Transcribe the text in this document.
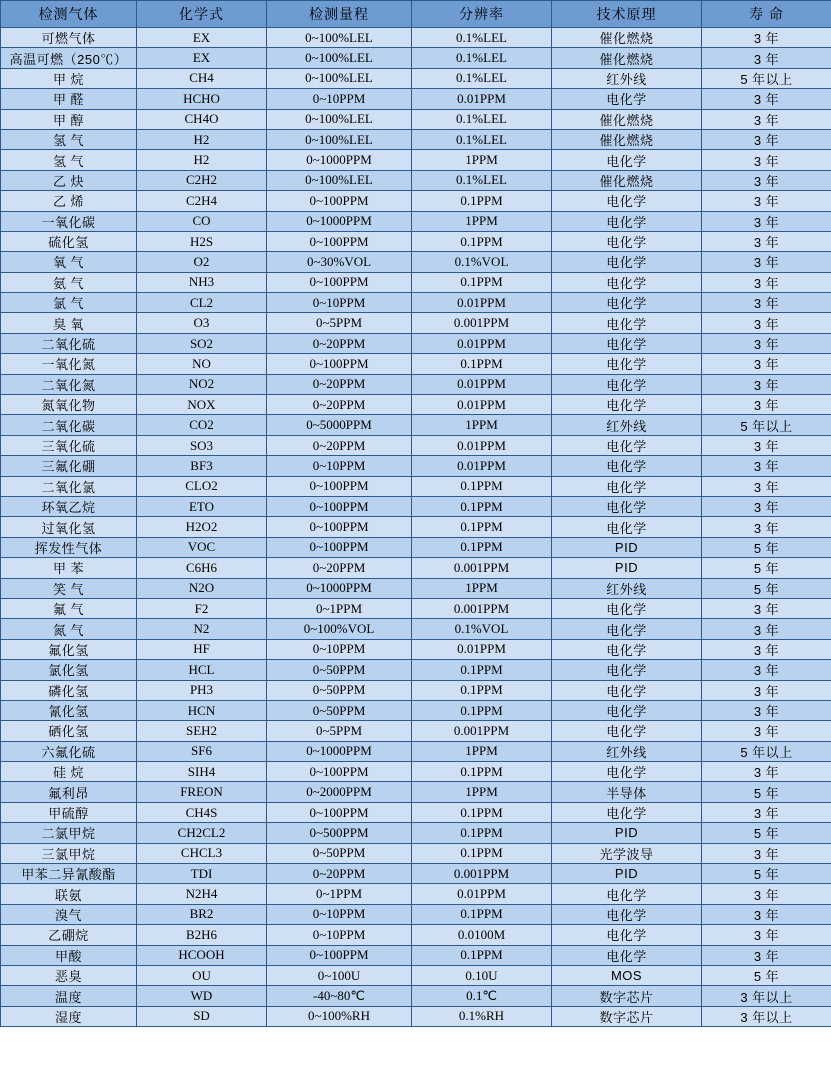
检测气体	化学式	检测量程	分辨率	技术原理	寿 命
可燃气体	EX	0~100%LEL	0.1%LEL	催化燃烧	3 年
高温可燃（250℃）	EX	0~100%LEL	0.1%LEL	催化燃烧	3 年
甲 烷	CH4	0~100%LEL	0.1%LEL	红外线	5 年以上
甲 醛	HCHO	0~10PPM	0.01PPM	电化学	3 年
甲 醇	CH4O	0~100%LEL	0.1%LEL	催化燃烧	3 年
氢 气	H2	0~100%LEL	0.1%LEL	催化燃烧	3 年
氢 气	H2	0~1000PPM	1PPM	电化学	3 年
乙 炔	C2H2	0~100%LEL	0.1%LEL	催化燃烧	3 年
乙 烯	C2H4	0~100PPM	0.1PPM	电化学	3 年
一氧化碳	CO	0~1000PPM	1PPM	电化学	3 年
硫化氢	H2S	0~100PPM	0.1PPM	电化学	3 年
氧 气	O2	0~30%VOL	0.1%VOL	电化学	3 年
氨 气	NH3	0~100PPM	0.1PPM	电化学	3 年
氯 气	CL2	0~10PPM	0.01PPM	电化学	3 年
臭 氧	O3	0~5PPM	0.001PPM	电化学	3 年
二氧化硫	SO2	0~20PPM	0.01PPM	电化学	3 年
一氧化氮	NO	0~100PPM	0.1PPM	电化学	3 年
二氧化氮	NO2	0~20PPM	0.01PPM	电化学	3 年
氮氧化物	NOX	0~20PPM	0.01PPM	电化学	3 年
二氧化碳	CO2	0~5000PPM	1PPM	红外线	5 年以上
三氧化硫	SO3	0~20PPM	0.01PPM	电化学	3 年
三氟化硼	BF3	0~10PPM	0.01PPM	电化学	3 年
二氧化氯	CLO2	0~100PPM	0.1PPM	电化学	3 年
环氧乙烷	ETO	0~100PPM	0.1PPM	电化学	3 年
过氧化氢	H2O2	0~100PPM	0.1PPM	电化学	3 年
挥发性气体	VOC	0~100PPM	0.1PPM	PID	5 年
甲 苯	C6H6	0~20PPM	0.001PPM	PID	5 年
笑 气	N2O	0~1000PPM	1PPM	红外线	5 年
氟 气	F2	0~1PPM	0.001PPM	电化学	3 年
氮 气	N2	0~100%VOL	0.1%VOL	电化学	3 年
氟化氢	HF	0~10PPM	0.01PPM	电化学	3 年
氯化氢	HCL	0~50PPM	0.1PPM	电化学	3 年
磷化氢	PH3	0~50PPM	0.1PPM	电化学	3 年
氰化氢	HCN	0~50PPM	0.1PPM	电化学	3 年
硒化氢	SEH2	0~5PPM	0.001PPM	电化学	3 年
六氟化硫	SF6	0~1000PPM	1PPM	红外线	5 年以上
硅 烷	SIH4	0~100PPM	0.1PPM	电化学	3 年
氟利昂	FREON	0~2000PPM	1PPM	半导体	5 年
甲硫醇	CH4S	0~100PPM	0.1PPM	电化学	3 年
二氯甲烷	CH2CL2	0~500PPM	0.1PPM	PID	5 年
三氯甲烷	CHCL3	0~50PPM	0.1PPM	光学波导	3 年
甲苯二异氰酸酯	TDI	0~20PPM	0.001PPM	PID	5 年
联氨	N2H4	0~1PPM	0.01PPM	电化学	3 年
溴气	BR2	0~10PPM	0.1PPM	电化学	3 年
乙硼烷	B2H6	0~10PPM	0.0100M	电化学	3 年
甲酸	HCOOH	0~100PPM	0.1PPM	电化学	3 年
恶臭	OU	0~100U	0.10U	MOS	5 年
温度	WD	-40~80℃	0.1℃	数字芯片	3 年以上
湿度	SD	0~100%RH	0.1%RH	数字芯片	3 年以上
